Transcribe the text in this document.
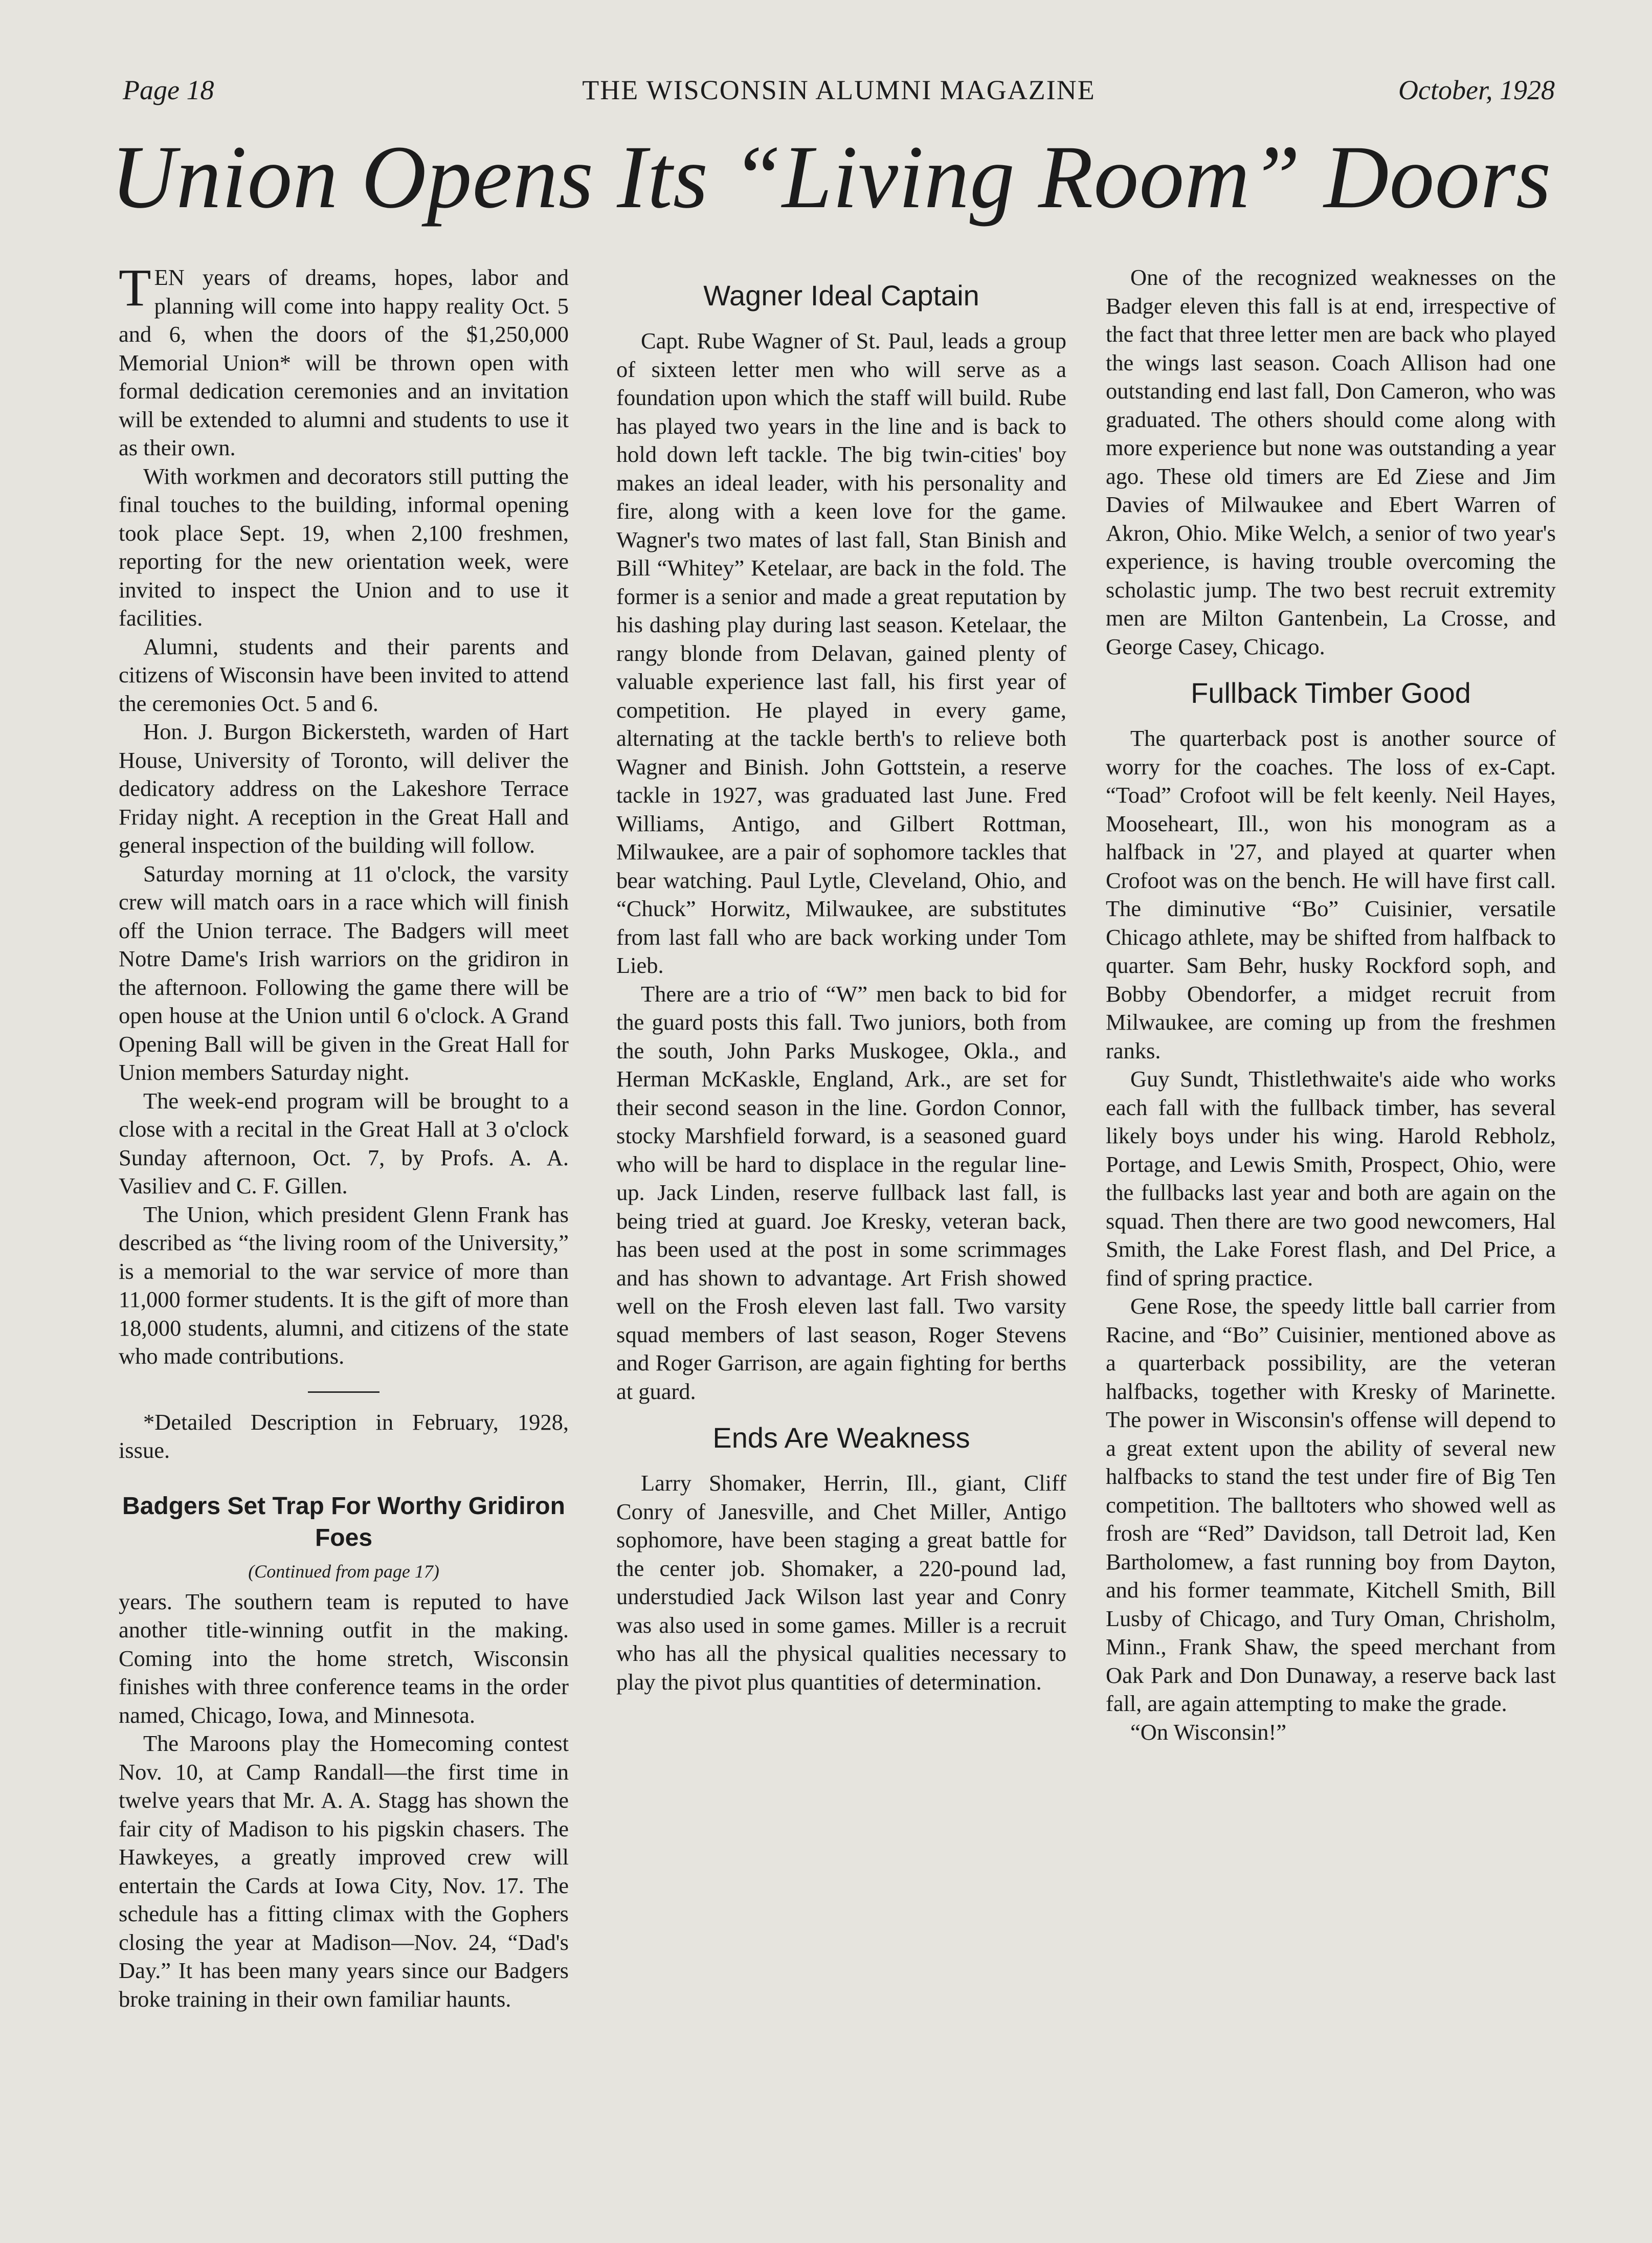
Page 18	THE WISCONSIN ALUMNI MAGAZINE	October, 1928
Union Opens Its “Living Room” Doors

TEN years of dreams, hopes, labor and planning will come into happy reality Oct. 5 and 6, when the doors of the $1,250,000 Memorial Union* will be thrown open with formal dedication ceremonies and an invitation will be extended to alumni and students to use it as their own.

With workmen and decorators still putting the final touches to the building, informal opening took place Sept. 19, when 2,100 freshmen, reporting for the new orientation week, were invited to inspect the Union and to use it facilities.

Alumni, students and their parents and citizens of Wisconsin have been invited to attend the ceremonies Oct. 5 and 6.

Hon. J. Burgon Bickersteth, warden of Hart House, University of Toronto, will deliver the dedicatory address on the Lakeshore Terrace Friday night. A reception in the Great Hall and general inspection of the building will follow.

Saturday morning at 11 o'clock, the varsity crew will match oars in a race which will finish off the Union terrace. The Badgers will meet Notre Dame's Irish warriors on the gridiron in the afternoon. Following the game there will be open house at the Union until 6 o'clock. A Grand Opening Ball will be given in the Great Hall for Union members Saturday night.

The week-end program will be brought to a close with a recital in the Great Hall at 3 o'clock Sunday afternoon, Oct. 7, by Profs. A. A. Vasiliev and C. F. Gillen.

The Union, which president Glenn Frank has described as “the living room of the University,” is a memorial to the war service of more than 11,000 former students. It is the gift of more than 18,000 students, alumni, and citizens of the state who made contributions.

*Detailed Description in February, 1928, issue.

Badgers Set Trap For Worthy Gridiron Foes
(Continued from page 17)

years. The southern team is reputed to have another title-winning outfit in the making. Coming into the home stretch, Wisconsin finishes with three conference teams in the order named, Chicago, Iowa, and Minnesota.

The Maroons play the Homecoming contest Nov. 10, at Camp Randall—the first time in twelve years that Mr. A. A. Stagg has shown the fair city of Madison to his pigskin chasers. The Hawkeyes, a greatly improved crew will entertain the Cards at Iowa City, Nov. 17. The schedule has a fitting climax with the Gophers closing the year at Madison—Nov. 24, “Dad's Day.” It has been many years since our Badgers broke training in their own familiar haunts.

Wagner Ideal Captain

Capt. Rube Wagner of St. Paul, leads a group of sixteen letter men who will serve as a foundation upon which the staff will build. Rube has played two years in the line and is back to hold down left tackle. The big twin-cities' boy makes an ideal leader, with his personality and fire, along with a keen love for the game. Wagner's two mates of last fall, Stan Binish and Bill “Whitey” Ketelaar, are back in the fold. The former is a senior and made a great reputation by his dashing play during last season. Ketelaar, the rangy blonde from Delavan, gained plenty of valuable experience last fall, his first year of competition. He played in every game, alternating at the tackle berth's to relieve both Wagner and Binish. John Gottstein, a reserve tackle in 1927, was graduated last June. Fred Williams, Antigo, and Gilbert Rottman, Milwaukee, are a pair of sophomore tackles that bear watching. Paul Lytle, Cleveland, Ohio, and “Chuck” Horwitz, Milwaukee, are substitutes from last fall who are back working under Tom Lieb.

There are a trio of “W” men back to bid for the guard posts this fall. Two juniors, both from the south, John Parks Muskogee, Okla., and Herman McKaskle, England, Ark., are set for their second season in the line. Gordon Connor, stocky Marshfield forward, is a seasoned guard who will be hard to displace in the regular line-up. Jack Linden, reserve fullback last fall, is being tried at guard. Joe Kresky, veteran back, has been used at the post in some scrimmages and has shown to advantage. Art Frish showed well on the Frosh eleven last fall. Two varsity squad members of last season, Roger Stevens and Roger Garrison, are again fighting for berths at guard.

Ends Are Weakness

Larry Shomaker, Herrin, Ill., giant, Cliff Conry of Janesville, and Chet Miller, Antigo sophomore, have been staging a great battle for the center job. Shomaker, a 220-pound lad, understudied Jack Wilson last year and Conry was also used in some games. Miller is a recruit who has all the physical qualities necessary to play the pivot plus quantities of determination.

One of the recognized weaknesses on the Badger eleven this fall is at end, irrespective of the fact that three letter men are back who played the wings last season. Coach Allison had one outstanding end last fall, Don Cameron, who was graduated. The others should come along with more experience but none was outstanding a year ago. These old timers are Ed Ziese and Jim Davies of Milwaukee and Ebert Warren of Akron, Ohio. Mike Welch, a senior of two year's experience, is having trouble overcoming the scholastic jump. The two best recruit extremity men are Milton Gantenbein, La Crosse, and George Casey, Chicago.

Fullback Timber Good

The quarterback post is another source of worry for the coaches. The loss of ex-Capt. “Toad” Crofoot will be felt keenly. Neil Hayes, Mooseheart, Ill., won his monogram as a halfback in '27, and played at quarter when Crofoot was on the bench. He will have first call. The diminutive “Bo” Cuisinier, versatile Chicago athlete, may be shifted from halfback to quarter. Sam Behr, husky Rockford soph, and Bobby Obendorfer, a midget recruit from Milwaukee, are coming up from the freshmen ranks.

Guy Sundt, Thistlethwaite's aide who works each fall with the fullback timber, has several likely boys under his wing. Harold Rebholz, Portage, and Lewis Smith, Prospect, Ohio, were the fullbacks last year and both are again on the squad. Then there are two good newcomers, Hal Smith, the Lake Forest flash, and Del Price, a find of spring practice.

Gene Rose, the speedy little ball carrier from Racine, and “Bo” Cuisinier, mentioned above as a quarterback possibility, are the veteran halfbacks, together with Kresky of Marinette. The power in Wisconsin's offense will depend to a great extent upon the ability of several new halfbacks to stand the test under fire of Big Ten competition. The balltoters who showed well as frosh are “Red” Davidson, tall Detroit lad, Ken Bartholomew, a fast running boy from Dayton, and his former teammate, Kitchell Smith, Bill Lusby of Chicago, and Tury Oman, Chrisholm, Minn., Frank Shaw, the speed merchant from Oak Park and Don Dunaway, a reserve back last fall, are again attempting to make the grade.

“On Wisconsin!”
